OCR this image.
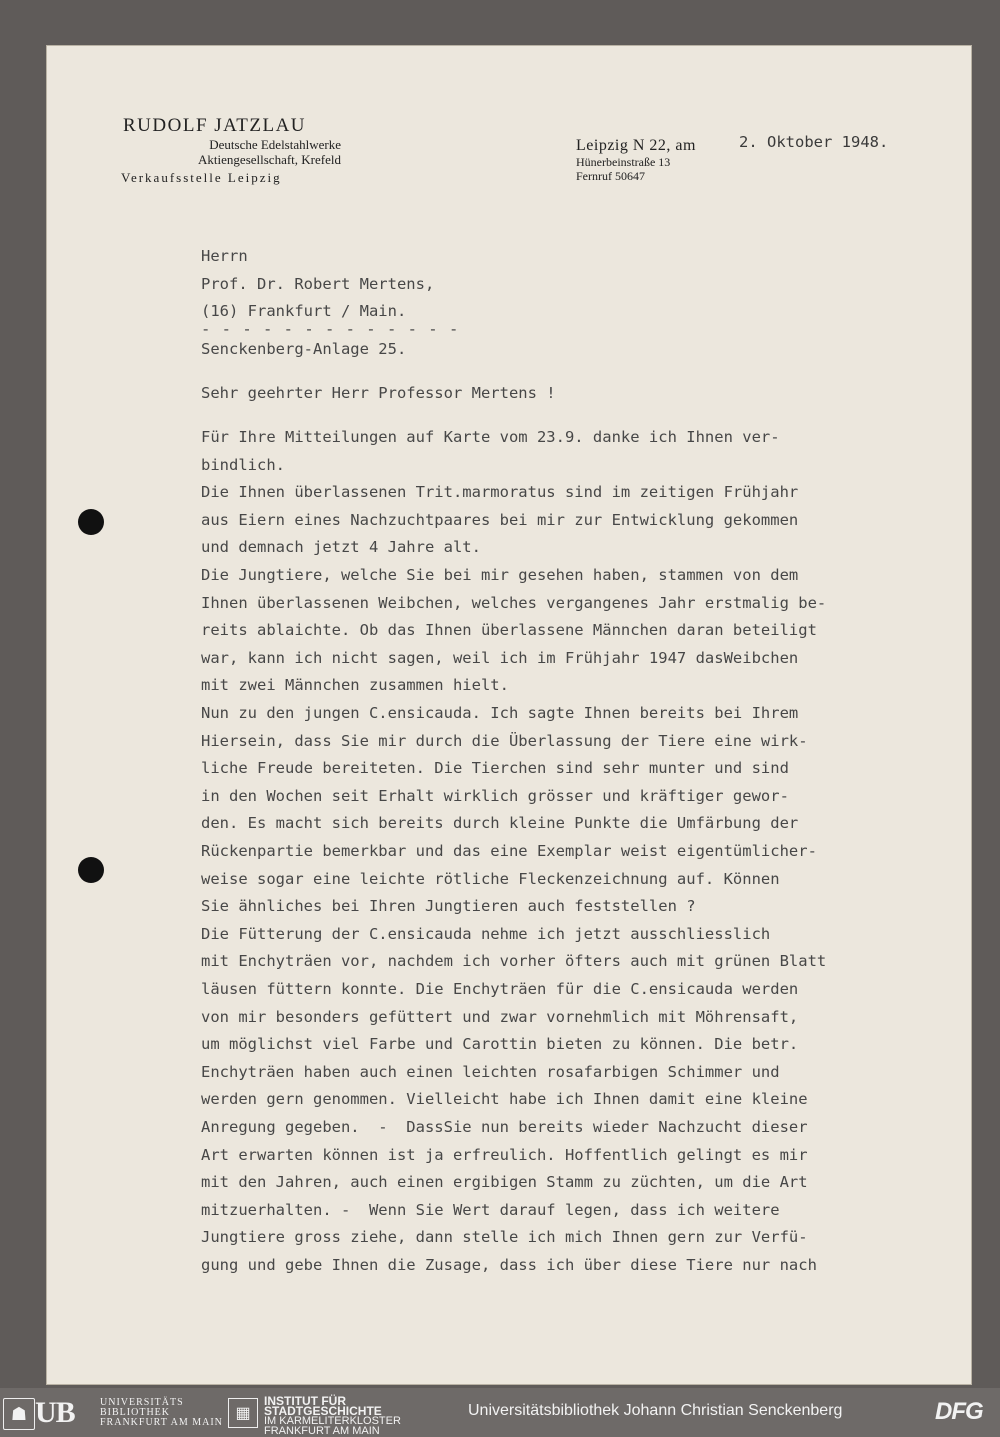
RUDOLF JATZLAU
Deutsche Edelstahlwerke
Aktiengesellschaft, Krefeld
Verkaufsstelle Leipzig
Leipzig N 22, am
Hünerbeinstraße 13
Fernruf 50647
2. Oktober 1948.
Herrn
Prof. Dr. Robert Mertens,
(16) Frankfurt / Main.
- - - - - - - - - - - - -
Senckenberg-Anlage 25.
Sehr geehrter Herr Professor Mertens !
Für Ihre Mitteilungen auf Karte vom 23.9. danke ich Ihnen ver-
bindlich.
Die Ihnen überlassenen Trit.marmoratus sind im zeitigen Frühjahr
aus Eiern eines Nachzuchtpaares bei mir zur Entwicklung gekommen
und demnach jetzt 4 Jahre alt.
Die Jungtiere, welche Sie bei mir gesehen haben, stammen von dem
Ihnen überlassenen Weibchen, welches vergangenes Jahr erstmalig be-
reits ablaichte. Ob das Ihnen überlassene Männchen daran beteiligt
war, kann ich nicht sagen, weil ich im Frühjahr 1947 dasWeibchen
mit zwei Männchen zusammen hielt.
Nun zu den jungen C.ensicauda. Ich sagte Ihnen bereits bei Ihrem
Hiersein, dass Sie mir durch die Überlassung der Tiere eine wirk-
liche Freude bereiteten. Die Tierchen sind sehr munter und sind
in den Wochen seit Erhalt wirklich grösser und kräftiger gewor-
den. Es macht sich bereits durch kleine Punkte die Umfärbung der
Rückenpartie bemerkbar und das eine Exemplar weist eigentümlicher-
weise sogar eine leichte rötliche Fleckenzeichnung auf. Können
Sie ähnliches bei Ihren Jungtieren auch feststellen ?
Die Fütterung der C.ensicauda nehme ich jetzt ausschliesslich
mit Enchyträen vor, nachdem ich vorher öfters auch mit grünen Blatt
läusen füttern konnte. Die Enchyträen für die C.ensicauda werden
von mir besonders gefüttert und zwar vornehmlich mit Möhrensaft,
um möglichst viel Farbe und Carottin bieten zu können. Die betr.
Enchyträen haben auch einen leichten rosafarbigen Schimmer und
werden gern genommen. Vielleicht habe ich Ihnen damit eine kleine
Anregung gegeben.  -  DassSie nun bereits wieder Nachzucht dieser
Art erwarten können ist ja erfreulich. Hoffentlich gelingt es mir
mit den Jahren, auch einen ergibigen Stamm zu züchten, um die Art
mitzuerhalten. -  Wenn Sie Wert darauf legen, dass ich weitere
Jungtiere gross ziehe, dann stelle ich mich Ihnen gern zur Verfü-
gung und gebe Ihnen die Zusage, dass ich über diese Tiere nur nach
☗ UB	UNIVERSITÄTS
BIBLIOTHEK
FRANKFURT AM MAIN
▦
INSTITUT FÜR
STADTGESCHICHTE
IM KARMELITERKLOSTER
FRANKFURT AM MAIN
Universitätsbibliothek Johann Christian Senckenberg	DFG
